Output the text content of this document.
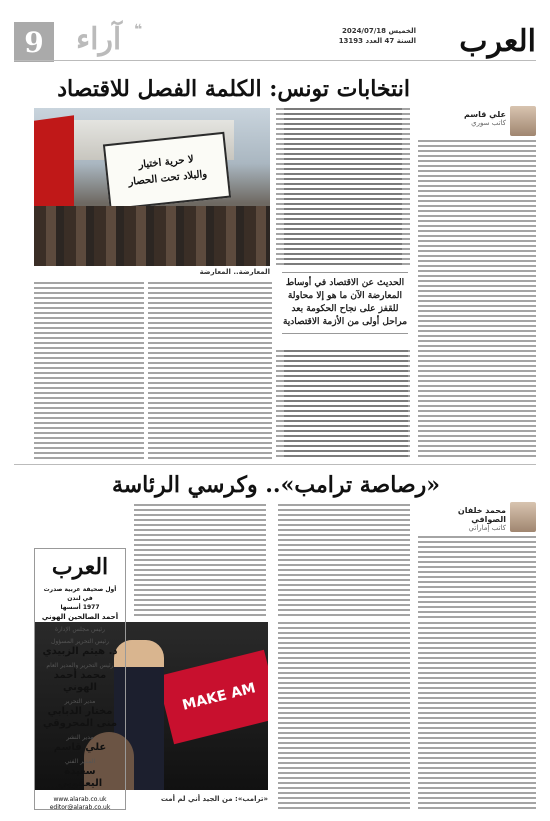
العرب
الخميس 2024/07/18
السنة 47 العدد 13193
❝
آراء
9
انتخابات تونس: الكلمة الفصل للاقتصاد
علي قاسم
كاتب سوري
الحديث عن الاقتصاد في أوساط المعارضة الآن ما هو إلا محاولة للقفز على نجاح الحكومة بعد مراحل أولى من الأزمة الاقتصادية
لا حرية اختيار
والبلاد تحت الحصار
المعارضة.. المعارضة
«رصاصة ترامب».. وكرسي الرئاسة
محمد خلفان الصوافي
كاتب إماراتي
MAKE AM
«ترامب»: من الجيد أني لم أمت
العرب
أول صحيفة عربية صدرت في لندن
1977 أسسها
أحمد الصالحين الهوني
رئيس مجلس الإدارة
رئيس التحرير المسؤول
د. هيثم الزبيدي
رئيس التحرير والمدير العام
محمد أحمد الهوني
مدير التحرير
مختار الدبابي
منى المحروقي
مدير النشر
علي قاسم
المدير الفني
سعيدة اليعقوبي
www.alarab.co.uk
editor@alarab.co.uk
